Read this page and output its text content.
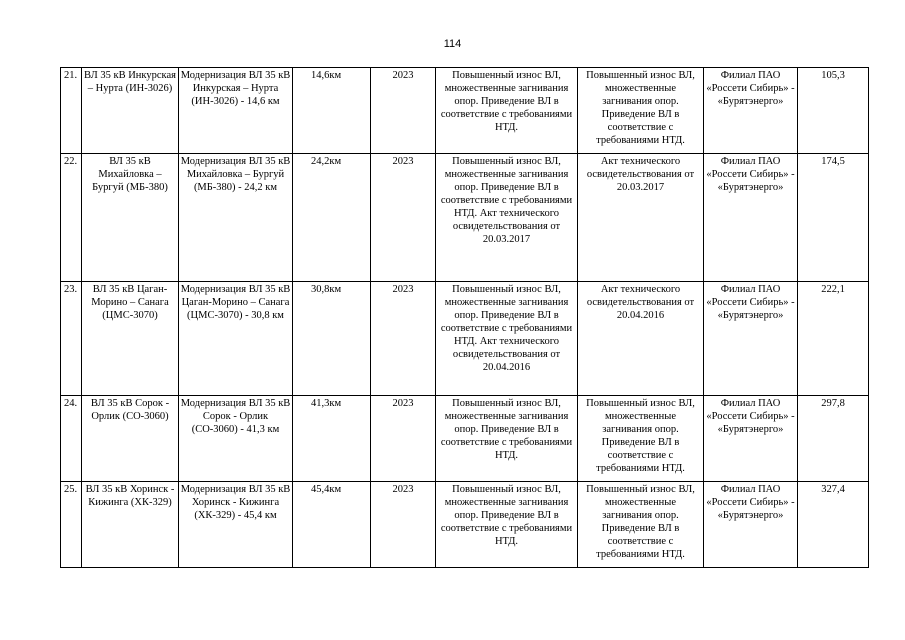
114
21.	ВЛ 35 кВ Инкурская – Нурта (ИН-3026)	Модернизация ВЛ 35 кВ Инкурская – Нурта (ИН-3026) - 14,6 км	14,6км	2023	Повышенный износ ВЛ, множественные загнивания опор. Приведение ВЛ в соответствие с требованиями НТД.	Повышенный износ ВЛ, множественные загнивания опор. Приведение ВЛ в соответствие с требованиями НТД.	Филиал ПАО «Россети Сибирь» - «Бурятэнерго»	105,3
22.	ВЛ 35 кВ Михайловка – Бургуй (МБ-380)	Модернизация ВЛ 35 кВ Михайловка – Бургуй (МБ-380) - 24,2 км	24,2км	2023	Повышенный износ ВЛ, множественные загнивания опор. Приведение ВЛ в соответствие с требованиями НТД. Акт технического освидетельствования от 20.03.2017	Акт технического освидетельствования от 20.03.2017	Филиал ПАО «Россети Сибирь» - «Бурятэнерго»	174,5
23.	ВЛ 35 кВ Цаган-Морино – Санага (ЦМС-3070)	Модернизация ВЛ 35 кВ Цаган-Морино – Санага (ЦМС-3070) - 30,8 км	30,8км	2023	Повышенный износ ВЛ, множественные загнивания опор. Приведение ВЛ в соответствие с требованиями НТД. Акт технического освидетельствования от 20.04.2016	Акт технического освидетельствования от 20.04.2016	Филиал ПАО «Россети Сибирь» - «Бурятэнерго»	222,1
24.	ВЛ 35 кВ Сорок - Орлик (СО-3060)	Модернизация ВЛ 35 кВ Сорок - Орлик (СО-3060) - 41,3 км	41,3км	2023	Повышенный износ ВЛ, множественные загнивания опор. Приведение ВЛ в соответствие с требованиями НТД.	Повышенный износ ВЛ, множественные загнивания опор. Приведение ВЛ в соответствие с требованиями НТД.	Филиал ПАО «Россети Сибирь» - «Бурятэнерго»	297,8
25.	ВЛ 35 кВ Хоринск - Кижинга (ХК-329)	Модернизация ВЛ 35 кВ Хоринск - Кижинга (ХК-329) - 45,4 км	45,4км	2023	Повышенный износ ВЛ, множественные загнивания опор. Приведение ВЛ в соответствие с требованиями НТД.	Повышенный износ ВЛ, множественные загнивания опор. Приведение ВЛ в соответствие с требованиями НТД.	Филиал ПАО «Россети Сибирь» - «Бурятэнерго»	327,4
